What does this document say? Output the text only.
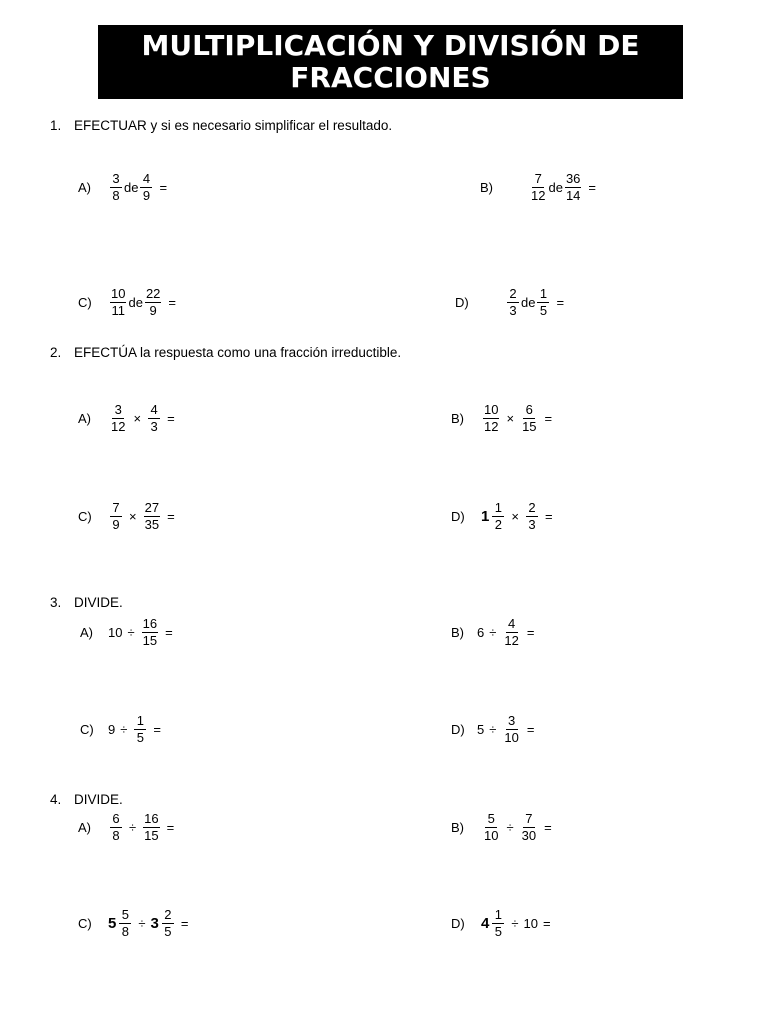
MULTIPLICACIÓN Y DIVISIÓN DE
FRACCIONES
1. EFECTUAR y si es necesario simplificar el resultado.
A)	$\frac{3}{8}$ de $\frac{4}{9}$ =	B)	$\frac{7}{12}$ de $\frac{36}{14}$ =
C)	$\frac{10}{11}$ de $\frac{22}{9}$ =	D)	$\frac{2}{3}$ de $\frac{1}{5}$ =
2. EFECTÚA la respuesta como una fracción irreductible.
A)	$\frac{3}{12} \times \frac{4}{3}$ =	B)	$\frac{10}{12} \times \frac{6}{15}$ =
C)	$\frac{7}{9} \times \frac{27}{35}$ =	D)	$1 \frac{1}{2} \times \frac{2}{3}$ =
3. DIVIDE.
A)	$10 \div \frac{16}{15}$ =	B)	$6 \div \frac{4}{12}$ =
C)	$9 \div \frac{1}{5}$ =	D) $5 \div \frac{3}{10}$ =
4. DIVIDE.
A)	$\frac{6}{8} \div \frac{16}{15}$ =	B)	$\frac{5}{10} \div \frac{7}{30}$ =
C)	$5 \frac{5}{8} \div 3 \frac{2}{5}$ =	D)	$4 \frac{1}{5} \div 10$ =
